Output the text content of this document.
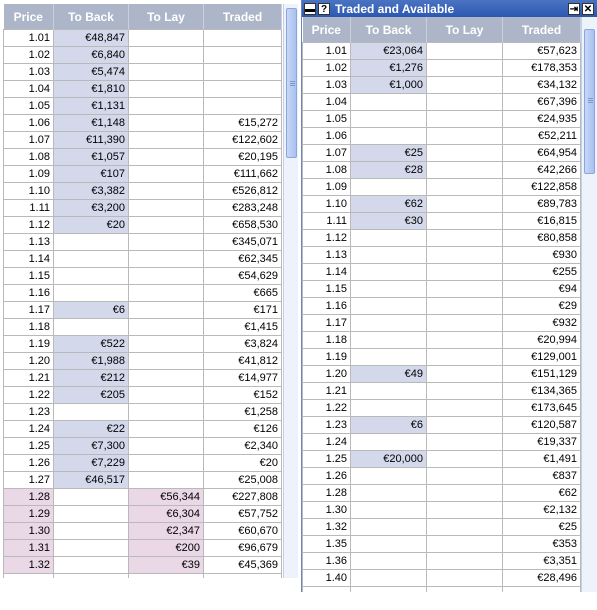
Price	To Back	To Lay	Traded
1.01	€48,847		
1.02	€6,840		
1.03	€5,474		
1.04	€1,810		
1.05	€1,131		
1.06	€1,148		€15,272
1.07	€11,390		€122,602
1.08	€1,057		€20,195
1.09	€107		€111,662
1.10	€3,382		€526,812
1.11	€3,200		€283,248
1.12	€20		€658,530
1.13			€345,071
1.14			€62,345
1.15			€54,629
1.16			€665
1.17	€6		€171
1.18			€1,415
1.19	€522		€3,824
1.20	€1,988		€41,812
1.21	€212		€14,977
1.22	€205		€152
1.23			€1,258
1.24	€22		€126
1.25	€7,300		€2,340
1.26	€7,229		€20
1.27	€46,517		€25,008
1.28		€56,344	€227,808
1.29		€6,304	€57,752
1.30		€2,347	€60,670
1.31		€200	€96,679
1.32		€39	€45,369

▬ ? Traded and Available	⇥ ✕
Price	To Back	To Lay	Traded
1.01	€23,064		€57,623
1.02	€1,276		€178,353
1.03	€1,000		€34,132
1.04			€67,396
1.05			€24,935
1.06			€52,211
1.07	€25		€64,954
1.08	€28		€42,266
1.09			€122,858
1.10	€62		€89,783
1.11	€30		€16,815
1.12			€80,858
1.13			€930
1.14			€255
1.15			€94
1.16			€29
1.17			€932
1.18			€20,994
1.19			€129,001
1.20	€49		€151,129
1.21			€134,365
1.22			€173,645
1.23	€6		€120,587
1.24			€19,337
1.25	€20,000		€1,491
1.26			€837
1.28			€62
1.30			€2,132
1.32			€25
1.35			€353
1.36			€3,351
1.40			€28,496
